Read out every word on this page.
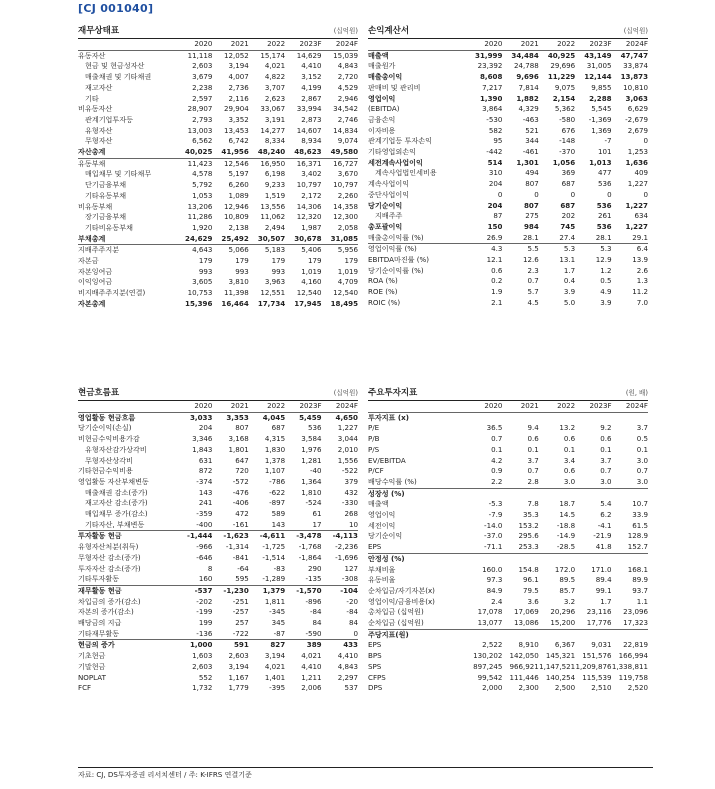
[CJ 001040]
재무상태표	(십억원)
	2020	2021	2022	2023F	2024F
유동자산	11,118	12,052	15,174	14,629	15,039
현금 및 현금성자산	2,603	3,194	4,021	4,410	4,843
매출채권 및 기타채권	3,679	4,007	4,822	3,152	2,720
재고자산	2,238	2,736	3,707	4,199	4,529
기타	2,597	2,116	2,623	2,867	2,946
비유동자산	28,907	29,904	33,067	33,994	34,542
관계기업투자등	2,793	3,352	3,191	2,873	2,746
유형자산	13,003	13,453	14,277	14,607	14,834
무형자산	6,562	6,742	8,334	8,934	9,074
자산총계	40,025	41,956	48,240	48,623	49,580
유동부채	11,423	12,546	16,950	16,371	16,727
매입채무 및 기타채무	4,578	5,197	6,198	3,402	3,670
단기금융부채	5,792	6,260	9,233	10,797	10,797
기타유동부채	1,053	1,089	1,519	2,172	2,260
비유동부채	13,206	12,946	13,556	14,306	14,358
장기금융부채	11,286	10,809	11,062	12,320	12,300
기타비유동부채	1,920	2,138	2,494	1,987	2,058
부채총계	24,629	25,492	30,507	30,678	31,085
지배주주지분	4,643	5,066	5,183	5,406	5,956
자본금	179	179	179	179	179
자본잉여금	993	993	993	1,019	1,019
이익잉여금	3,605	3,810	3,963	4,160	4,709
비지배주주지분(연결)	10,753	11,398	12,551	12,540	12,540
자본총계	15,396	16,464	17,734	17,945	18,495
손익계산서	(십억원)
	2020	2021	2022	2023F	2024F
매출액	31,999	34,484	40,925	43,149	47,747
매출원가	23,392	24,788	29,696	31,005	33,874
매출총이익	8,608	9,696	11,229	12,144	13,873
판매비 및 관리비	7,217	7,814	9,075	9,855	10,810
영업이익	1,390	1,882	2,154	2,288	3,063
(EBITDA)	3,864	4,329	5,362	5,545	6,629
금융손익	-530	-463	-580	-1,369	-2,679
이자비용	582	521	676	1,369	2,679
관계기업등 투자손익	95	344	-148	-7	0
기타영업외손익	-442	-461	-370	101	1,253
세전계속사업이익	514	1,301	1,056	1,013	1,636
계속사업법인세비용	310	494	369	477	409
계속사업이익	204	807	687	536	1,227
중단사업이익	0	0	0	0	0
당기순이익	204	807	687	536	1,227
지배주주	87	275	202	261	634
총포괄이익	150	984	745	536	1,227
매출총이익률 (%)	26.9	28.1	27.4	28.1	29.1
영업이익률 (%)	4.3	5.5	5.3	5.3	6.4
EBITDA마진률 (%)	12.1	12.6	13.1	12.9	13.9
당기순이익률 (%)	0.6	2.3	1.7	1.2	2.6
ROA (%)	0.2	0.7	0.4	0.5	1.3
ROE (%)	1.9	5.7	3.9	4.9	11.2
ROIC (%)	2.1	4.5	5.0	3.9	7.0
현금흐름표	(십억원)
	2020	2021	2022	2023F	2024F
영업활동 현금흐름	3,033	3,353	4,045	5,459	4,650
당기순이익(손실)	204	807	687	536	1,227
비현금수익비용가감	3,346	3,168	4,315	3,584	3,044
유형자산감가상각비	1,843	1,801	1,830	1,976	2,010
무형자산상각비	631	647	1,378	1,281	1,556
기타현금수익비용	872	720	1,107	-40	-522
영업활동 자산부채변동	-374	-572	-786	1,364	379
매출채권 감소(증가)	143	-476	-622	1,810	432
재고자산 감소(증가)	241	-406	-897	-524	-330
매입채무 증가(감소)	-359	472	589	61	268
기타자산, 부채변동	-400	-161	143	17	10
투자활동 현금	-1,444	-1,623	-4,611	-3,478	-4,113
유형자산처분(취득)	-966	-1,314	-1,725	-1,768	-2,236
무형자산 감소(증가)	-646	-841	-1,514	-1,864	-1,696
투자자산 감소(증가)	8	-64	-83	290	127
기타투자활동	160	595	-1,289	-135	-308
재무활동 현금	-537	-1,230	1,379	-1,570	-104
차입금의 증가(감소)	-202	-251	1,811	-896	-20
자본의 증가(감소)	-199	-257	-345	-84	-84
배당금의 지급	199	257	345	84	84
기타재무활동	-136	-722	-87	-590	0
현금의 증가	1,000	591	827	389	433
기초현금	1,603	2,603	3,194	4,021	4,410
기말현금	2,603	3,194	4,021	4,410	4,843
NOPLAT	552	1,167	1,401	1,211	2,297
FCF	1,732	1,779	-395	2,006	537
주요투자지표	(원, 배)
	2020	2021	2022	2023F	2024F
투자지표 (x)					
P/E	36.5	9.4	13.2	9.2	3.7
P/B	0.7	0.6	0.6	0.6	0.5
P/S	0.1	0.1	0.1	0.1	0.1
EV/EBITDA	4.2	3.7	3.4	3.7	3.0
P/CF	0.9	0.7	0.6	0.7	0.7
배당수익률 (%)	2.2	2.8	3.0	3.0	3.0
성장성 (%)					
매출액	-5.3	7.8	18.7	5.4	10.7
영업이익	-7.9	35.3	14.5	6.2	33.9
세전이익	-14.0	153.2	-18.8	-4.1	61.5
당기순이익	-37.0	295.6	-14.9	-21.9	128.9
EPS	-71.1	253.3	-28.5	41.8	152.7
안정성 (%)					
부채비율	160.0	154.8	172.0	171.0	168.1
유동비율	97.3	96.1	89.5	89.4	89.9
순차입금/자기자본(x)	84.9	79.5	85.7	99.1	93.7
영업이익/금융비용(x)	2.4	3.6	3.2	1.7	1.1
총차입금 (십억원)	17,078	17,069	20,296	23,116	23,096
순차입금 (십억원)	13,077	13,086	15,200	17,776	17,323
주당지표(원)					
EPS	2,522	8,910	6,367	9,031	22,819
BPS	130,202	142,050	145,321	151,576	166,994
SPS	897,245	966,921	1,147,521	1,209,876	1,338,811
CFPS	99,542	111,446	140,254	115,539	119,758
DPS	2,000	2,300	2,500	2,510	2,520
자료: CJ, DS투자증권 리서치센터 / 주: K-IFRS 연결기준
